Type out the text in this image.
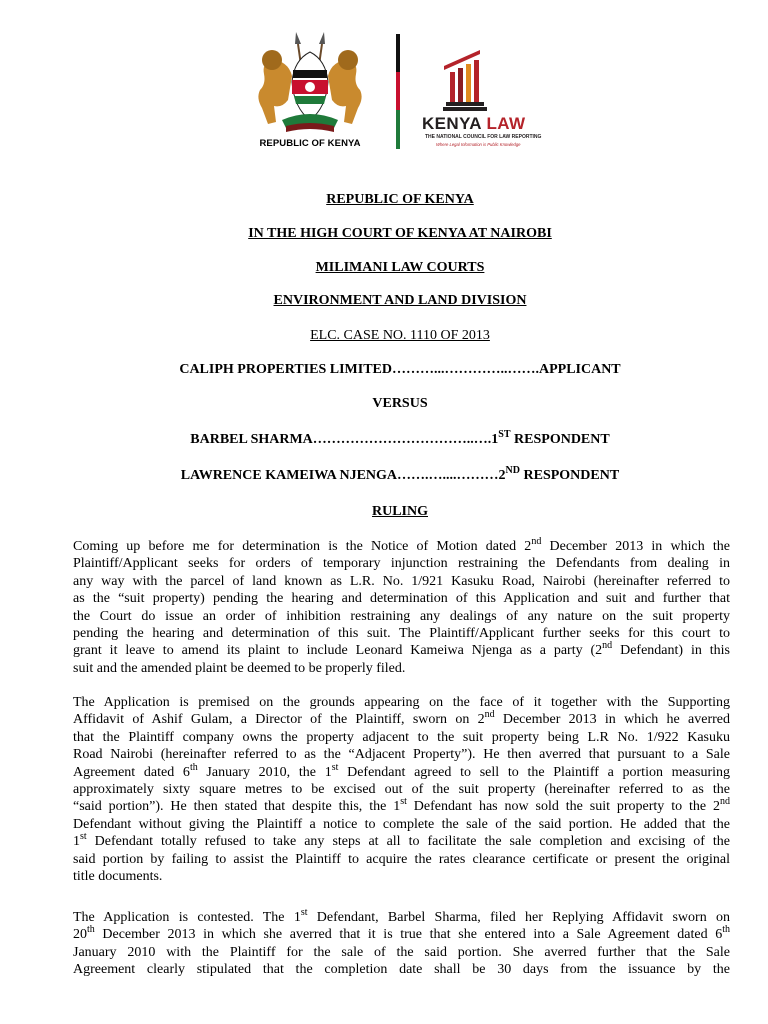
REPUBLIC OF KENYA
KENYA LAW
THE NATIONAL COUNCIL FOR LAW REPORTING
Where Legal Information is Public Knowledge
REPUBLIC OF KENYA
IN THE HIGH COURT OF KENYA AT NAIROBI
MILIMANI LAW COURTS
ENVIRONMENT AND LAND DIVISION
ELC. CASE NO. 1110 OF 2013
CALIPH PROPERTIES LIMITED………...…………..…….APPLICANT
VERSUS
BARBEL SHARMA……………………………..….1ST RESPONDENT
LAWRENCE KAMEIWA NJENGA…….…....………2ND RESPONDENT
RULING
Coming up before me for determination is the Notice of Motion dated 2nd December 2013 in which the
Plaintiff/Applicant seeks for orders of temporary injunction restraining the Defendants from dealing in
any way with the parcel of land known as L.R. No. 1/921 Kasuku Road, Nairobi (hereinafter referred to
as the “suit property) pending the hearing and determination of this Application and suit and further that
the Court do issue an order of inhibition restraining any dealings of any nature on the suit property
pending the hearing and determination of this suit. The Plaintiff/Applicant further seeks for this court to
grant it leave to amend its plaint to include Leonard Kameiwa Njenga as a party (2nd Defendant) in this
suit and the amended plaint be deemed to be properly filed.
The Application is premised on the grounds appearing on the face of it together with the Supporting
Affidavit of Ashif Gulam, a Director of the Plaintiff, sworn on 2nd December 2013 in which he averred
that the Plaintiff company owns the property adjacent to the suit property being L.R No. 1/922 Kasuku
Road Nairobi (hereinafter referred to as the “Adjacent Property”). He then averred that pursuant to a Sale
Agreement dated 6th January 2010, the 1st Defendant agreed to sell to the Plaintiff a portion measuring
approximately sixty square metres to be excised out of the suit property (hereinafter referred to as the
“said portion”). He then stated that despite this, the 1st Defendant has now sold the suit property to the 2nd
Defendant without giving the Plaintiff a notice to complete the sale of the said portion. He added that the
1st Defendant totally refused to take any steps at all to facilitate the sale completion and excising of the
said portion by failing to assist the Plaintiff to acquire the rates clearance certificate or present the original
title documents.
The Application is contested. The 1st Defendant, Barbel Sharma, filed her Replying Affidavit sworn on
20th December 2013 in which she averred that it is true that she entered into a Sale Agreement dated 6th
January 2010 with the Plaintiff for the sale of the said portion. She averred further that the Sale
Agreement clearly stipulated that the completion date shall be 30 days from the issuance by the
